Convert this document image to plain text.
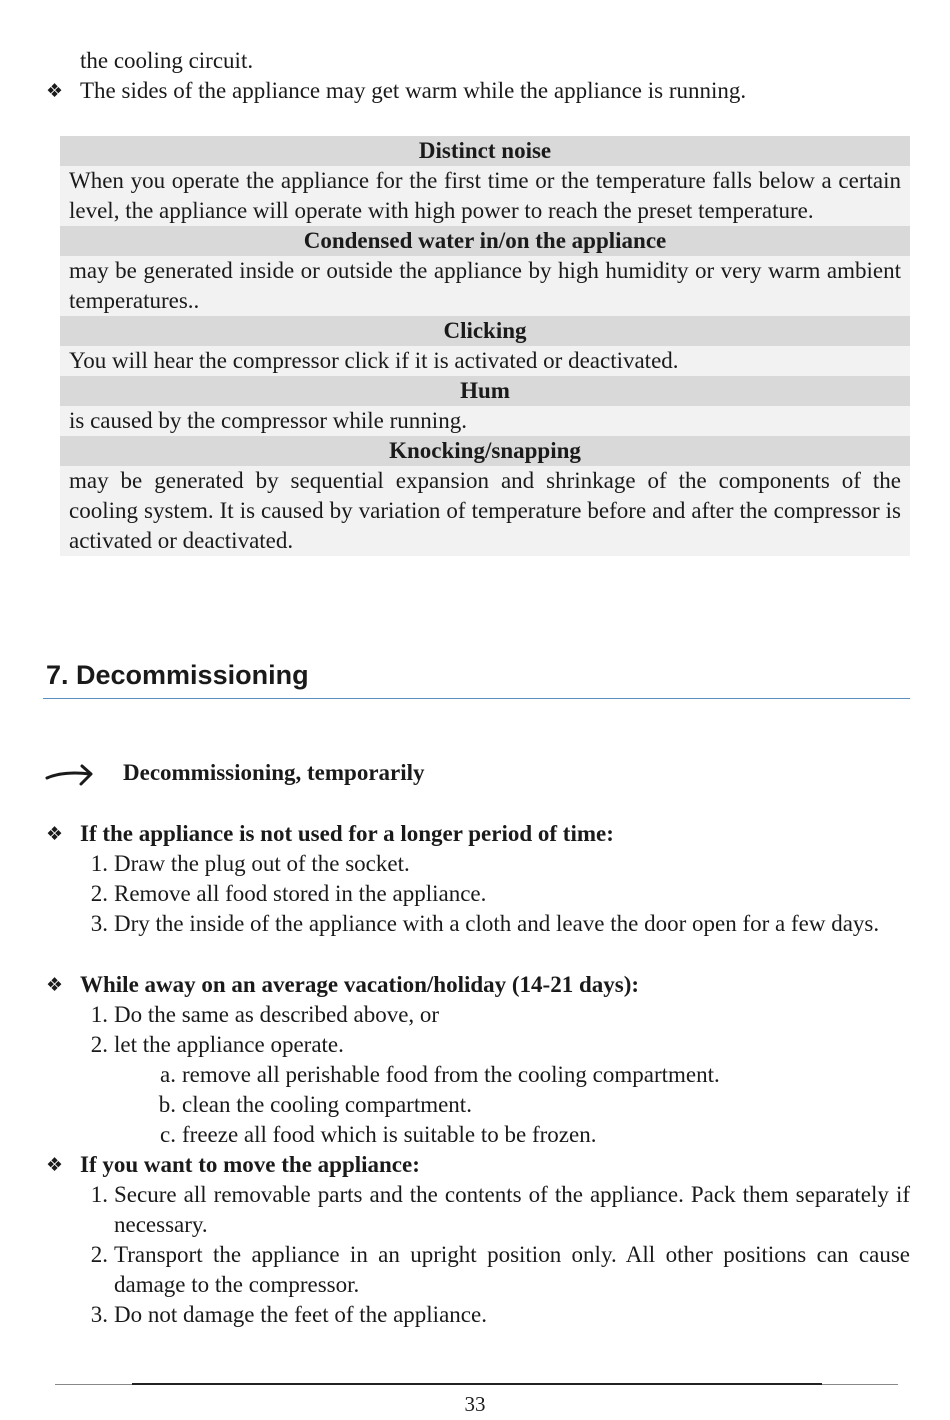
the cooling circuit.

❖ The sides of the appliance may get warm while the appliance is running.
Distinct noise
When you operate the appliance for the first time or the temperature falls below a certain level, the appliance will operate with high power to reach the preset temperature.
Condensed water in/on the appliance
may be generated inside or outside the appliance by high humidity or very warm ambient temperatures..
Clicking
You will hear the compressor click if it is activated or deactivated.
Hum
is caused by the compressor while running.
Knocking/snapping
may be generated by sequential expansion and shrinkage of the components of the cooling system. It is caused by variation of temperature before and after the compressor is activated or deactivated.
7. Decommissioning
Decommissioning, temporarily
❖ If the appliance is not used for a longer period of time:
1. Draw the plug out of the socket.
2. Remove all food stored in the appliance.
3. Dry the inside of the appliance with a cloth and leave the door open for a few days.
❖ While away on an average vacation/holiday (14-21 days):
1. Do the same as described above, or
2. let the appliance operate.
a. remove all perishable food from the cooling compartment.
b. clean the cooling compartment.
c. freeze all food which is suitable to be frozen.
❖ If you want to move the appliance:
1. Secure all removable parts and the contents of the appliance. Pack them separately if necessary.
2. Transport the appliance in an upright position only. All other positions can cause damage to the compressor.
3. Do not damage the feet of the appliance.
33
